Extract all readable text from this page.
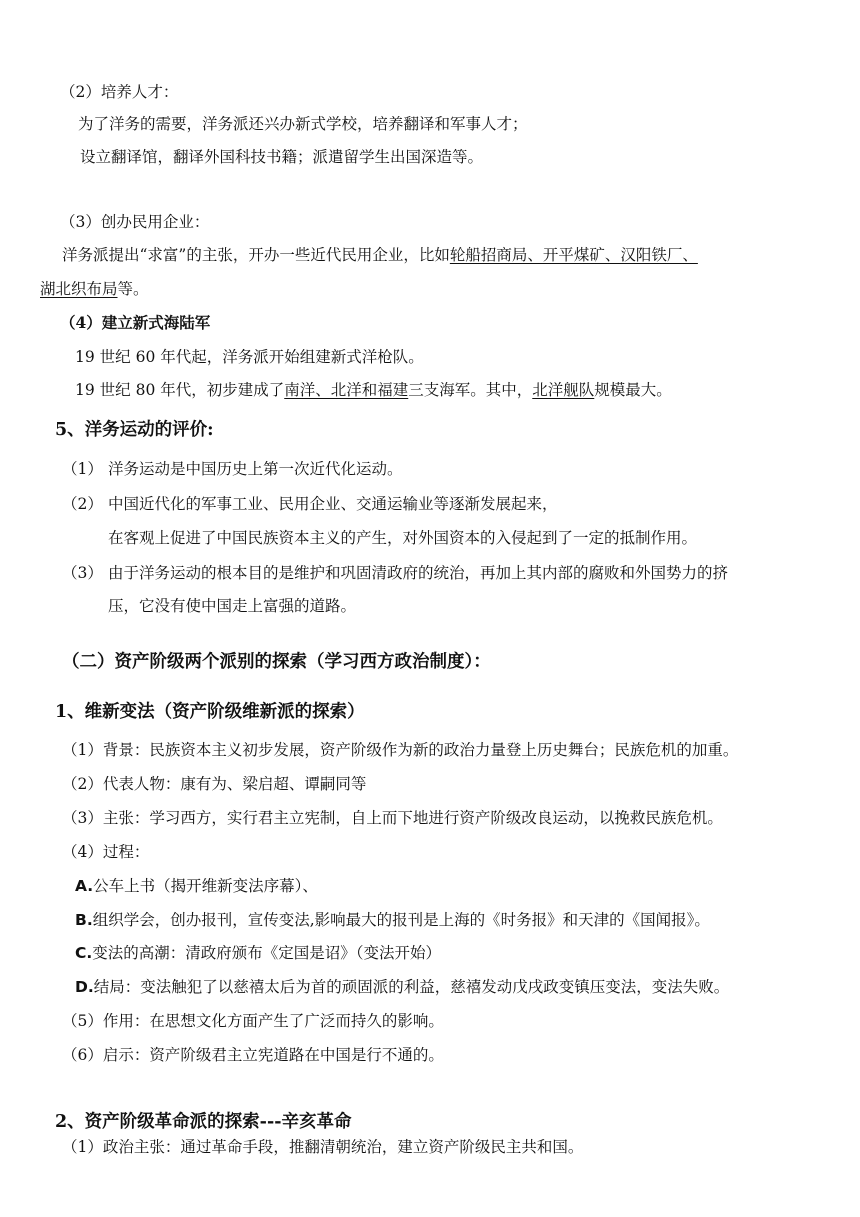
（2）培养人才：
为了洋务的需要，洋务派还兴办新式学校，培养翻译和军事人才；
设立翻译馆，翻译外国科技书籍；派遣留学生出国深造等。
（3）创办民用企业：
洋务派提出“求富”的主张，开办一些近代民用企业，比如轮船招商局、开平煤矿、汉阳铁厂、
湖北织布局等。
（4）建立新式海陆军
19 世纪 60 年代起，洋务派开始组建新式洋枪队。
19 世纪 80 年代，初步建成了南洋、北洋和福建三支海军。其中，北洋舰队规模最大。
5、洋务运动的评价:
（1） 洋务运动是中国历史上第一次近代化运动。
（2） 中国近代化的军事工业、民用企业、交通运输业等逐渐发展起来，
在客观上促进了中国民族资本主义的产生，对外国资本的入侵起到了一定的抵制作用。
（3） 由于洋务运动的根本目的是维护和巩固清政府的统治，再加上其内部的腐败和外国势力的挤
压，它没有使中国走上富强的道路。
（二）资产阶级两个派别的探索（学习西方政治制度）：
1、维新变法（资产阶级维新派的探索）
（1）背景：民族资本主义初步发展，资产阶级作为新的政治力量登上历史舞台；民族危机的加重。
（2）代表人物：康有为、梁启超、谭嗣同等
（3）主张：学习西方，实行君主立宪制，自上而下地进行资产阶级改良运动，以挽救民族危机。
（4）过程：
A.公车上书（揭开维新变法序幕）、
B.组织学会，创办报刊，宣传变法,影响最大的报刊是上海的《时务报》和天津的《国闻报》。
C.变法的高潮：清政府颁布《定国是诏》（变法开始）
D.结局：变法触犯了以慈禧太后为首的顽固派的利益，慈禧发动戊戌政变镇压变法，变法失败。
（5）作用：在思想文化方面产生了广泛而持久的影响。
（6）启示：资产阶级君主立宪道路在中国是行不通的。
2、资产阶级革命派的探索---辛亥革命
（1）政治主张：通过革命手段，推翻清朝统治，建立资产阶级民主共和国。
